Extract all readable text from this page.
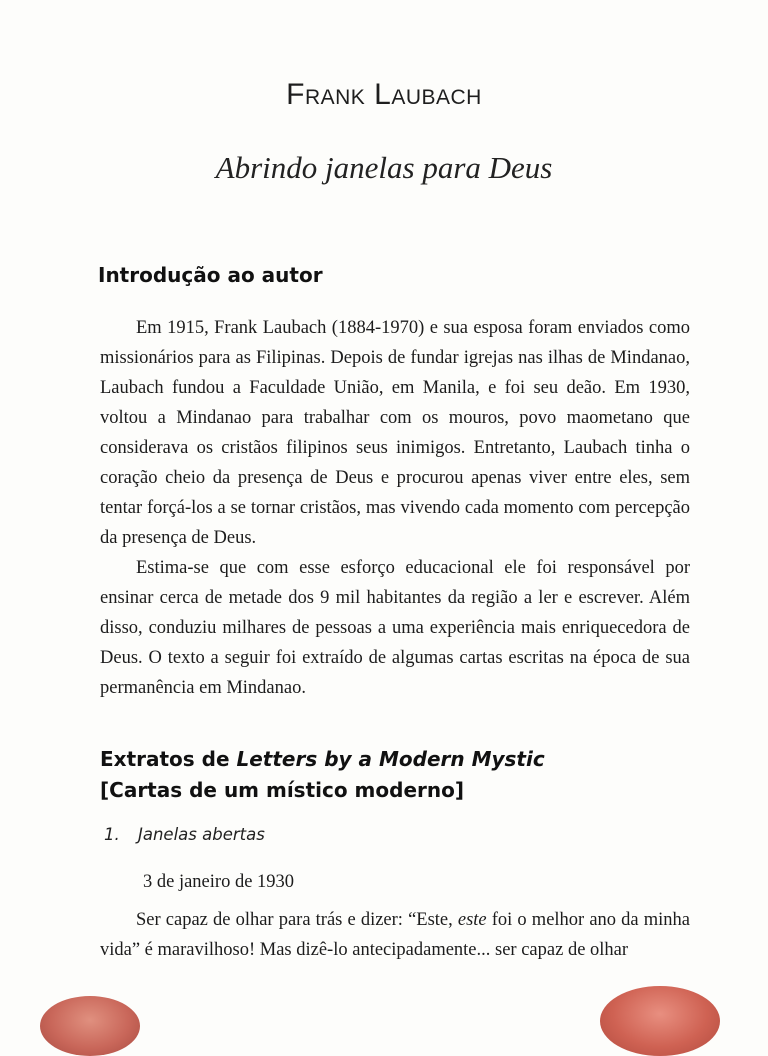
Frank Laubach
Abrindo janelas para Deus
Introdução ao autor

Em 1915, Frank Laubach (1884-1970) e sua esposa foram enviados como missionários para as Filipinas. Depois de fundar igrejas nas ilhas de Mindanao, Laubach fundou a Faculdade União, em Manila, e foi seu deão. Em 1930, voltou a Mindanao para trabalhar com os mouros, povo maometano que considerava os cristãos filipinos seus inimigos. Entretanto, Laubach tinha o coração cheio da presença de Deus e procurou apenas viver entre eles, sem tentar forçá-los a se tornar cristãos, mas vivendo cada momento com percepção da presença de Deus.

Estima-se que com esse esforço educacional ele foi responsável por ensinar cerca de metade dos 9 mil habitantes da região a ler e escrever. Além disso, conduziu milhares de pessoas a uma experiência mais enriquecedora de Deus. O texto a seguir foi extraído de algumas cartas escritas na época de sua permanência em Mindanao.

Extratos de Letters by a Modern Mystic
[Cartas de um místico moderno]
1. Janelas abertas
3 de janeiro de 1930

Ser capaz de olhar para trás e dizer: “Este, este foi o melhor ano da minha vida” é maravilhoso! Mas dizê-lo antecipadamente... ser capaz de olhar
